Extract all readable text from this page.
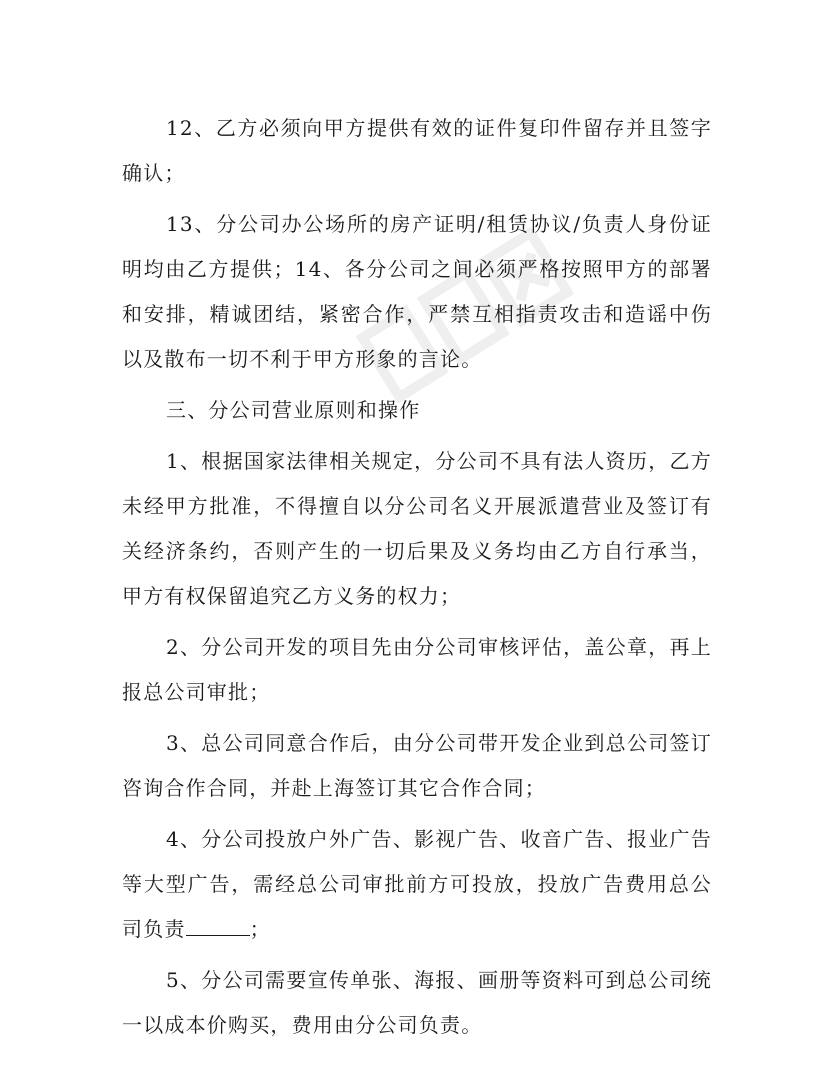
12、乙方必须向甲方提供有效的证件复印件留存并且签字确认；

13、分公司办公场所的房产证明/租赁协议/负责人身份证明均由乙方提供；14、各分公司之间必须严格按照甲方的部署和安排，精诚团结，紧密合作，严禁互相指责攻击和造谣中伤以及散布一切不利于甲方形象的言论。

三、分公司营业原则和操作

1、根据国家法律相关规定，分公司不具有法人资历，乙方未经甲方批准，不得擅自以分公司名义开展派遣营业及签订有关经济条约，否则产生的一切后果及义务均由乙方自行承当，甲方有权保留追究乙方义务的权力；

2、分公司开发的项目先由分公司审核评估，盖公章，再上报总公司审批；

3、总公司同意合作后，由分公司带开发企业到总公司签订咨询合作合同，并赴上海签订其它合作合同；

4、分公司投放户外广告、影视广告、收音广告、报业广告等大型广告，需经总公司审批前方可投放，投放广告费用总公司负责	；

5、分公司需要宣传单张、海报、画册等资料可到总公司统一以成本价购买，费用由分公司负责。
